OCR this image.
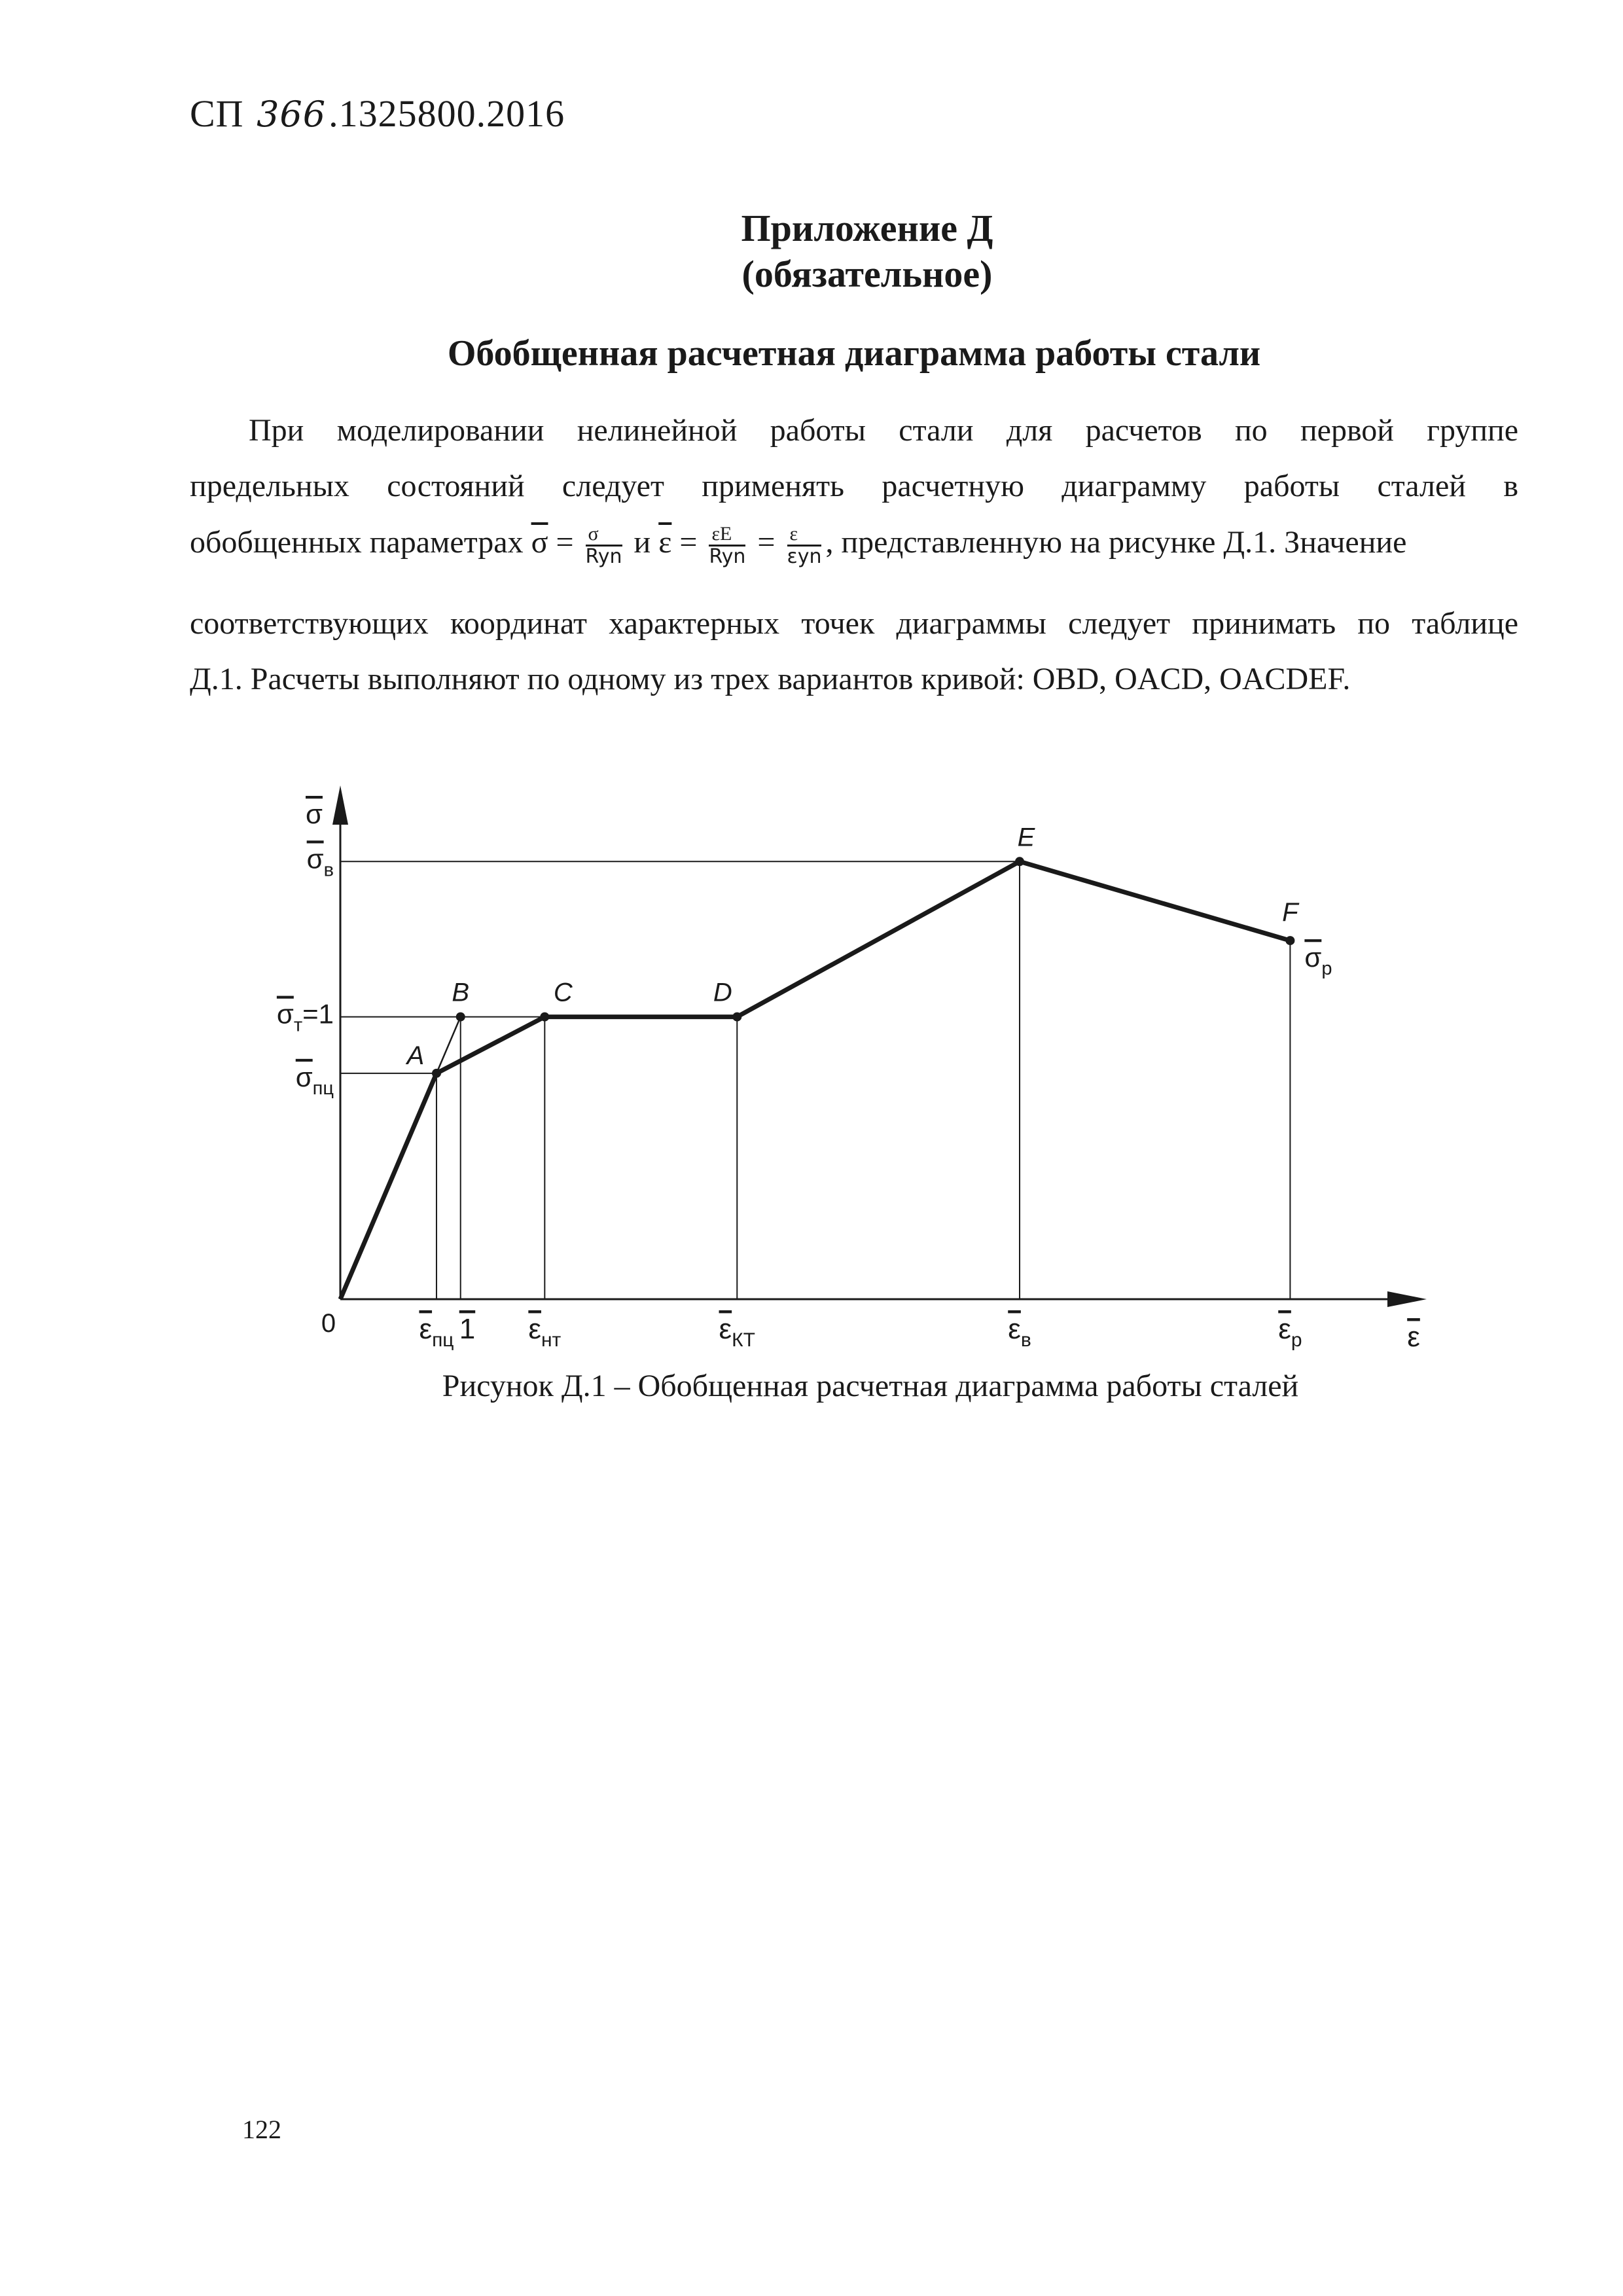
СП 366.1325800.2016
Приложение Д
(обязательное)
Обобщенная расчетная диаграмма работы стали
При моделировании нелинейной работы стали для расчетов по первой группе
предельных состояний следует применять расчетную диаграмму работы сталей в
обобщенных параметрах $\overline{\sigma} = \frac{\sigma}{\text{Ryn}}$ и $\overline{\varepsilon} = \frac{\varepsilon E}{\text{Ryn}} = \frac{\varepsilon}{\text{εyn}}$ , представленную на рисунке Д.1. Значение
соответствующих координат характерных точек диаграммы следует принимать по таблице
Д.1. Расчеты выполняют по одному из трех вариантов кривой: OBD, OACD, OACDEF.
A
B	C	D
E
F
0
σ
ε
$\varepsilon_{пц}$ 1 $\varepsilon_{нт}$	$\varepsilon_{КТ}$	$\varepsilon_в$	$\varepsilon_р$
$\sigma_{пц}$
$\sigma_т=1$
$\sigma_в$
$\sigma_р$
Рисунок Д.1 – Обобщенная расчетная диаграмма работы сталей
122
